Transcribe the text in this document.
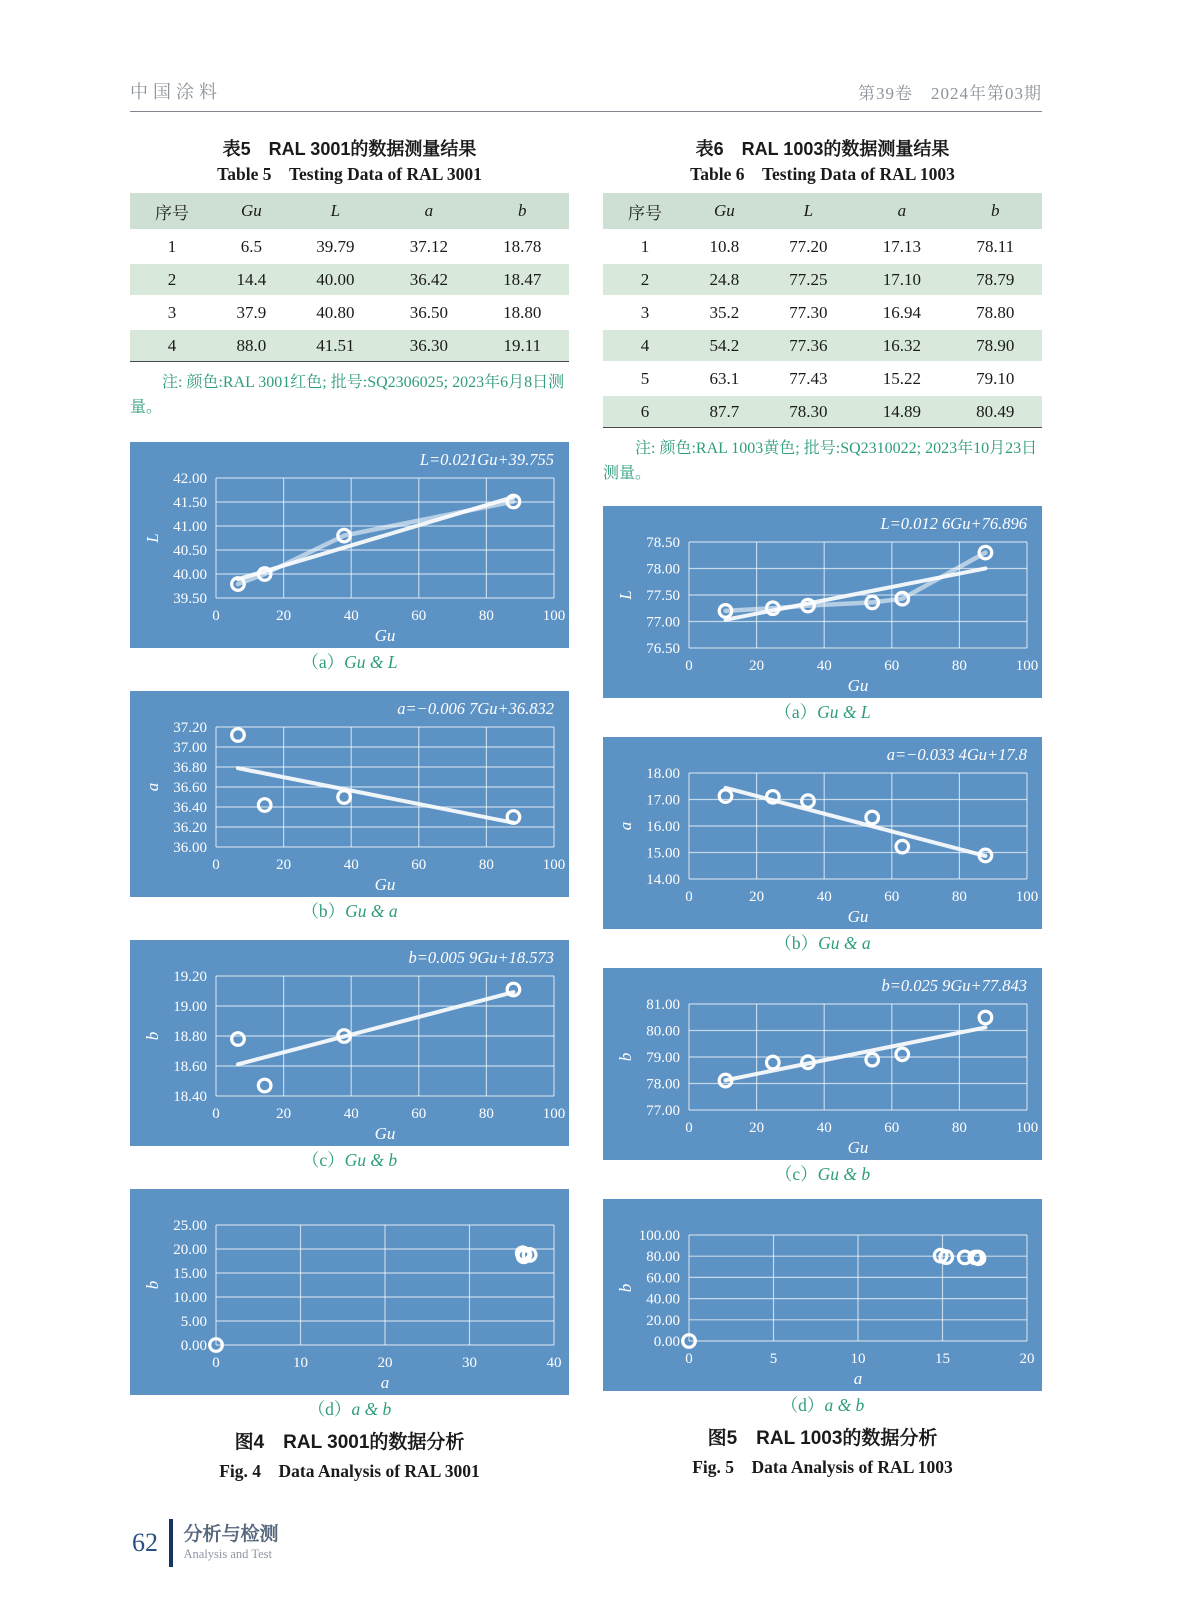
中国涂料	第39卷　2024年第03期
表5　RAL 3001的数据测量结果
Table 5　Testing Data of RAL 3001
序号	Gu	L	a	b
1	6.5	39.79	37.12	18.78
2	14.4	40.00	36.42	18.47
3	37.9	40.80	36.50	18.80
4	88.0	41.51	36.30	19.11
注: 颜色:RAL 3001红色; 批号:SQ2306025; 2023年6月8日测量。
0	20	40	60	80	100
39.50
40.00
40.50
41.00
41.50
42.00
Gu
L
L=0.021Gu+39.755
（a）Gu & L
0	20	40	60	80	100
36.00
36.20
36.40
36.60
36.80
37.00
37.20
Gu
a
a=−0.006 7Gu+36.832
（b）Gu & a
0	20	40	60	80	100
18.40
18.60
18.80
19.00
19.20
Gu
b
b=0.005 9Gu+18.573
（c）Gu & b
0	10	20	30	40
0.00
5.00
10.00
15.00
20.00
25.00
a
b
（d）a & b
图4　RAL 3001的数据分析
Fig. 4　Data Analysis of RAL 3001
表6　RAL 1003的数据测量结果
Table 6　Testing Data of RAL 1003
序号	Gu	L	a	b
1	10.8	77.20	17.13	78.11
2	24.8	77.25	17.10	78.79
3	35.2	77.30	16.94	78.80
4	54.2	77.36	16.32	78.90
5	63.1	77.43	15.22	79.10
6	87.7	78.30	14.89	80.49
注: 颜色:RAL 1003黄色; 批号:SQ2310022; 2023年10月23日测量。
0	20	40	60	80	100
76.50
77.00
77.50
78.00
78.50
Gu
L
L=0.012 6Gu+76.896
（a）Gu & L
0	20	40	60	80	100
14.00
15.00
16.00
17.00
18.00
Gu
a
a=−0.033 4Gu+17.8
（b）Gu & a
0	20	40	60	80	100
77.00
78.00
79.00
80.00
81.00
Gu
b
b=0.025 9Gu+77.843
（c）Gu & b
0	5	10	15	20
0.00
20.00
40.00
60.00
80.00
100.00
a
b
（d）a & b
图5　RAL 1003的数据分析
Fig. 5　Data Analysis of RAL 1003
62 分析与检测
Analysis and Test
